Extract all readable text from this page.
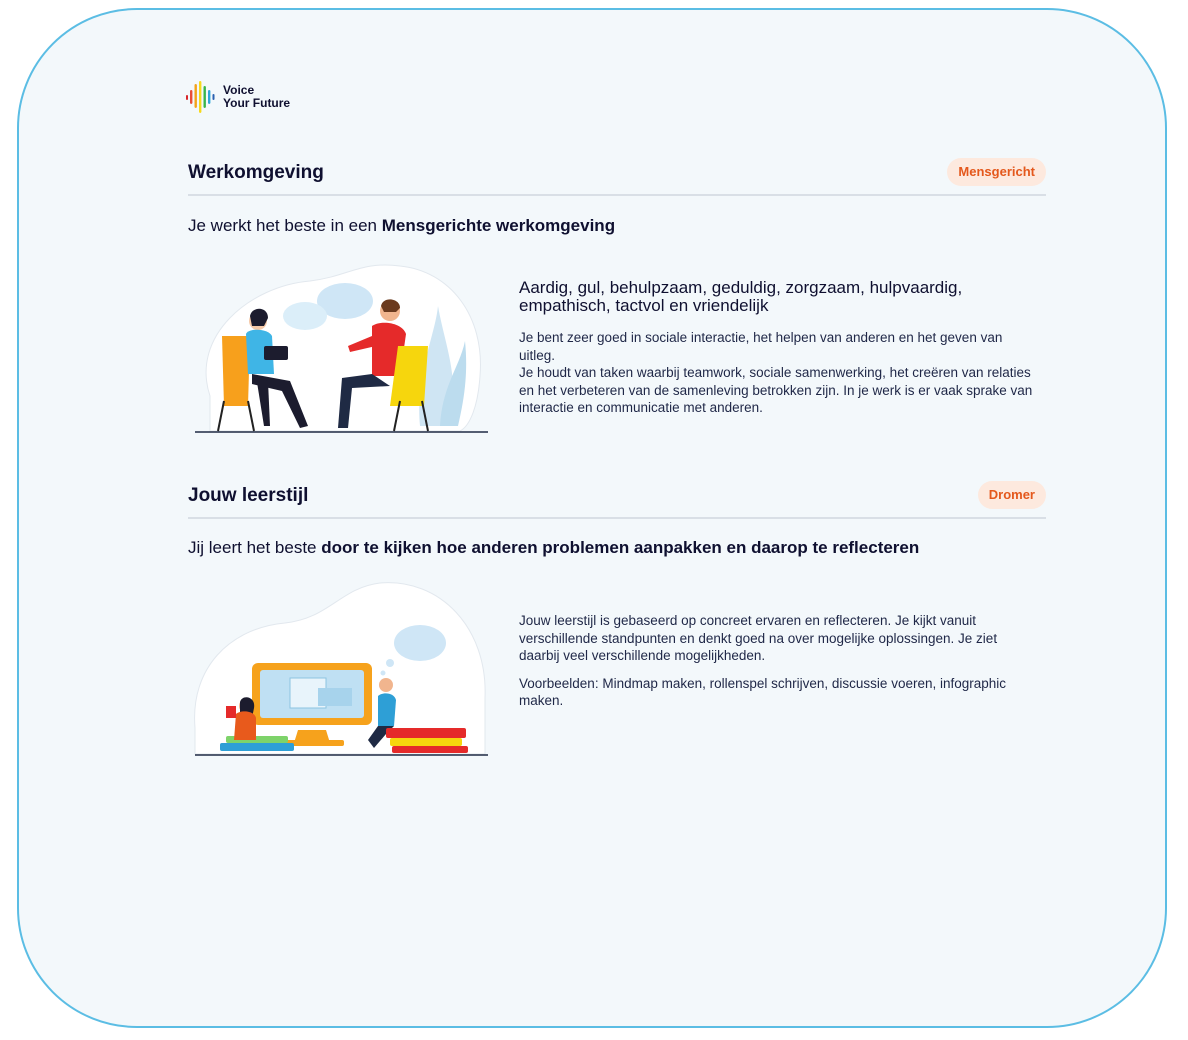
Voice
Your Future
Werkomgeving	Mensgericht
Je werkt het beste in een Mensgerichte werkomgeving

Aardig, gul, behulpzaam, geduldig, zorgzaam, hulpvaardig, empathisch, tactvol en vriendelijk

Je bent zeer goed in sociale interactie, het helpen van anderen en het geven van uitleg.

Je houdt van taken waarbij teamwork, sociale samenwerking, het creëren van relaties en het verbeteren van de samenleving betrokken zijn. In je werk is er vaak sprake van interactie en communicatie met anderen.

Jouw leerstijl	Dromer
Jij leert het beste door te kijken hoe anderen problemen aanpakken en daarop te reflecteren

Jouw leerstijl is gebaseerd op concreet ervaren en reflecteren. Je kijkt vanuit verschillende standpunten en denkt goed na over mogelijke oplossingen. Je ziet daarbij veel verschillende mogelijkheden.

Voorbeelden: Mindmap maken, rollenspel schrijven, discussie voeren, infographic maken.
